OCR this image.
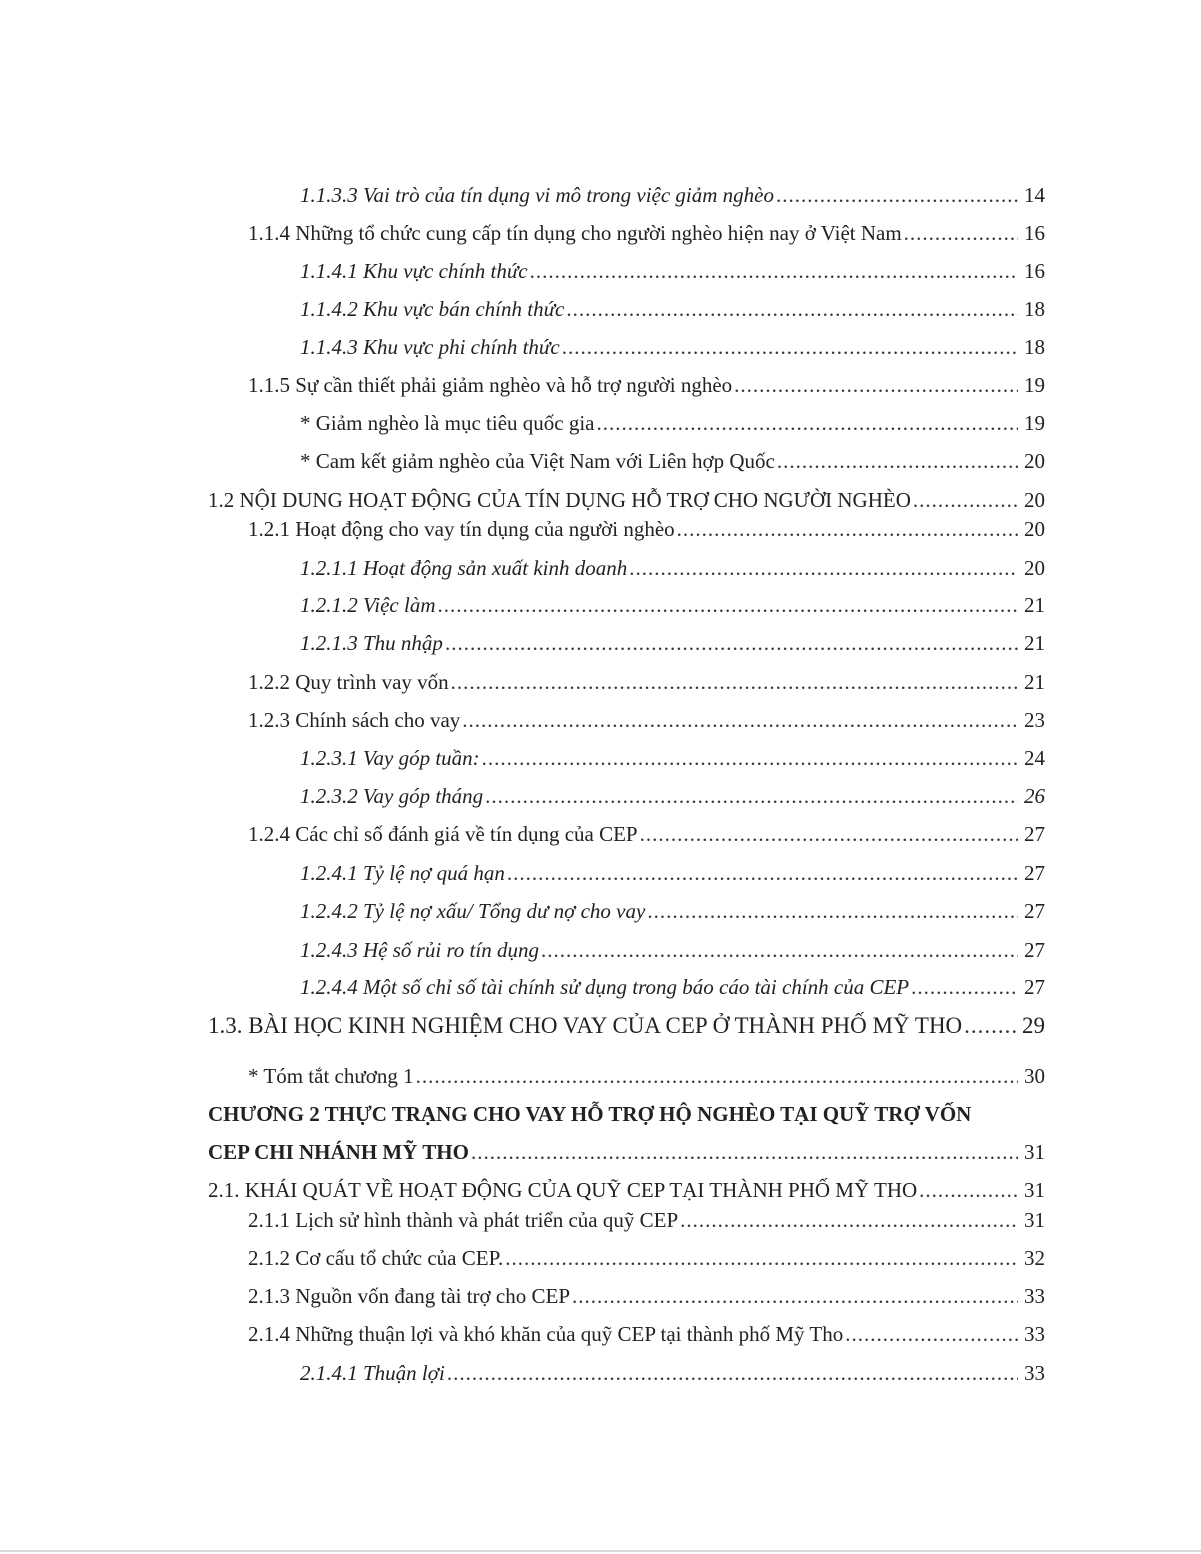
1.1.3.3 Vai trò của tín dụng vi mô trong việc giảm nghèo .....	14
1.1.4 Những tổ chức cung cấp tín dụng cho người nghèo hiện nay ở Việt Nam .....	16
1.1.4.1 Khu vực chính thức .....	16
1.1.4.2 Khu vực bán chính thức .....	18
1.1.4.3 Khu vực phi chính thức .....	18
1.1.5 Sự cần thiết phải giảm nghèo và hỗ trợ người nghèo .....	19
* Giảm nghèo là mục tiêu quốc gia .....	19
* Cam kết giảm nghèo của Việt Nam với Liên hợp Quốc .....	20
1.2 NỘI DUNG HOẠT ĐỘNG CỦA TÍN DỤNG HỖ TRỢ CHO NGƯỜI NGHÈO .....	20
1.2.1 Hoạt động cho vay tín dụng của người nghèo .....	20
1.2.1.1 Hoạt động sản xuất kinh doanh .....	20
1.2.1.2 Việc làm .....	21
1.2.1.3 Thu nhập .....	21
1.2.2 Quy trình vay vốn .....	21
1.2.3 Chính sách cho vay .....	23
1.2.3.1 Vay góp tuần: .....	24
1.2.3.2 Vay góp tháng .....	26
1.2.4 Các chỉ số đánh giá về tín dụng của CEP .....	27
1.2.4.1 Tỷ lệ nợ quá hạn .....	27
1.2.4.2 Tỷ lệ nợ xấu/ Tổng dư nợ cho vay .....	27
1.2.4.3 Hệ số rủi ro tín dụng .....	27
1.2.4.4 Một số chỉ số tài chính sử dụng trong báo cáo tài chính của CEP .....	27
1.3. BÀI HỌC KINH NGHIỆM CHO VAY CỦA CEP Ở THÀNH PHỐ MỸ THO .....	29
* Tóm tắt chương 1 .....	30
CHƯƠNG 2 THỰC TRẠNG CHO VAY HỖ TRỢ HỘ NGHÈO TẠI QUỸ TRỢ VỐN
CEP CHI NHÁNH MỸ THO .....	31
2.1. KHÁI QUÁT VỀ HOẠT ĐỘNG CỦA QUỸ CEP TẠI THÀNH PHỐ MỸ THO .....	31
2.1.1 Lịch sử hình thành và phát triển của quỹ CEP .....	31
2.1.2 Cơ cấu tổ chức của CEP. .....	32
2.1.3 Nguồn vốn đang tài trợ cho CEP .....	33
2.1.4 Những thuận lợi và khó khăn của quỹ CEP tại thành phố Mỹ Tho .....	33
2.1.4.1 Thuận lợi .....	33
